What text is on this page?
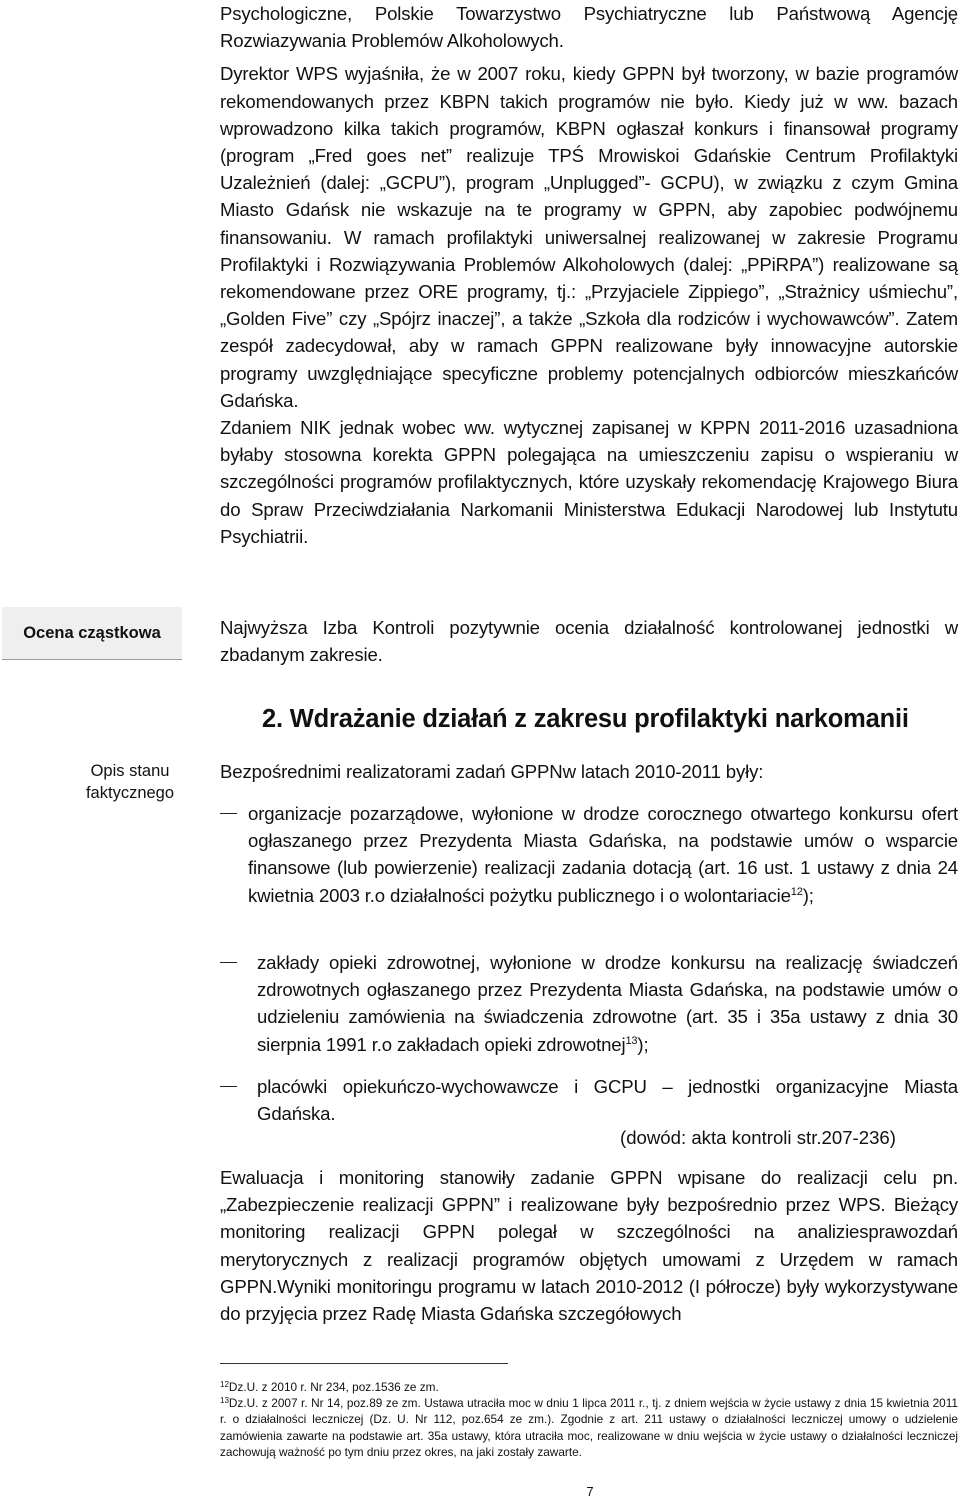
Psychologiczne, Polskie Towarzystwo Psychiatryczne lub Państwową Agencję Rozwiazywania Problemów Alkoholowych.

Dyrektor WPS wyjaśniła, że w 2007 roku, kiedy GPPN był tworzony, w bazie programów rekomendowanych przez KBPN takich programów nie było. Kiedy już w ww. bazach wprowadzono kilka takich programów, KBPN ogłaszał konkurs i finansował programy (program „Fred goes net” realizuje TPŚ Mrowiskoi Gdańskie Centrum Profilaktyki Uzależnień (dalej: „GCPU”), program „Unplugged”- GCPU), w związku z czym Gmina Miasto Gdańsk nie wskazuje na te programy w GPPN, aby zapobiec podwójnemu finansowaniu. W ramach profilaktyki uniwersalnej realizowanej w zakresie Programu Profilaktyki i Rozwiązywania Problemów Alkoholowych (dalej: „PPiRPA”) realizowane są rekomendowane przez ORE programy, tj.: „Przyjaciele Zippiego”, „Strażnicy uśmiechu”, „Golden Five” czy „Spójrz inaczej”, a także „Szkoła dla rodziców i wychowawców”. Zatem zespół zadecydował, aby w ramach GPPN realizowane były innowacyjne autorskie programy uwzględniające specyficzne problemy potencjalnych odbiorców mieszkańców Gdańska.

Zdaniem NIK jednak wobec ww. wytycznej zapisanej w KPPN 2011-2016 uzasadniona byłaby stosowna korekta GPPN polegająca na umieszczeniu zapisu o wspieraniu w szczególności programów profilaktycznych, które uzyskały rekomendację Krajowego Biura do Spraw Przeciwdziałania Narkomanii Ministerstwa Edukacji Narodowej lub Instytutu Psychiatrii.

Ocena cząstkowa	Najwyższa Izba Kontroli pozytywnie ocenia działalność kontrolowanej jednostki w zbadanym zakresie.

Opis stanu faktycznego
2. Wdrażanie działań z zakresu profilaktyki narkomanii

Bezpośrednimi realizatorami zadań GPPNw latach 2010-2011 były:

organizacje pozarządowe, wyłonione w drodze corocznego otwartego konkursu ofert ogłaszanego przez Prezydenta Miasta Gdańska, na podstawie umów o wsparcie finansowe (lub powierzenie) realizacji zadania dotacją (art. 16 ust. 1 ustawy z dnia 24 kwietnia 2003 r.o działalności pożytku publicznego i o wolontariacie$^{12}$);

zakłady opieki zdrowotnej, wyłonione w drodze konkursu na realizację świadczeń zdrowotnych ogłaszanego przez Prezydenta Miasta Gdańska, na podstawie umów o udzieleniu zamówienia na świadczenia zdrowotne (art. 35 i 35a ustawy z dnia 30 sierpnia 1991 r.o zakładach opieki zdrowotnej$^{13}$);

placówki opiekuńczo-wychowawcze i GCPU – jednostki organizacyjne Miasta Gdańska.

(dowód: akta kontroli str.207-236)

Ewaluacja i monitoring stanowiły zadanie GPPN wpisane do realizacji celu pn. „Zabezpieczenie realizacji GPPN” i realizowane były bezpośrednio przez WPS. Bieżący monitoring realizacji GPPN polegał w szczególności na analiziesprawozdań merytorycznych z realizacji programów objętych umowami z Urzędem w ramach GPPN.Wyniki monitoringu programu w latach 2010-2012 (I półrocze) były wykorzystywane do przyjęcia przez Radę Miasta Gdańska szczegółowych

$^{12}$Dz.U. z 2010 r. Nr 234, poz.1536 ze zm.

$^{13}$Dz.U. z 2007 r. Nr 14, poz.89 ze zm. Ustawa utraciła moc w dniu 1 lipca 2011 r., tj. z dniem wejścia w życie ustawy z dnia 15 kwietnia 2011 r. o działalności leczniczej (Dz. U. Nr 112, poz.654 ze zm.). Zgodnie z art. 211 ustawy o działalności leczniczej umowy o udzielenie zamówienia zawarte na podstawie art. 35a ustawy, która utraciła moc, realizowane w dniu wejścia w życie ustawy o działalności leczniczej zachowują ważność po tym dniu przez okres, na jaki zostały zawarte.

7
